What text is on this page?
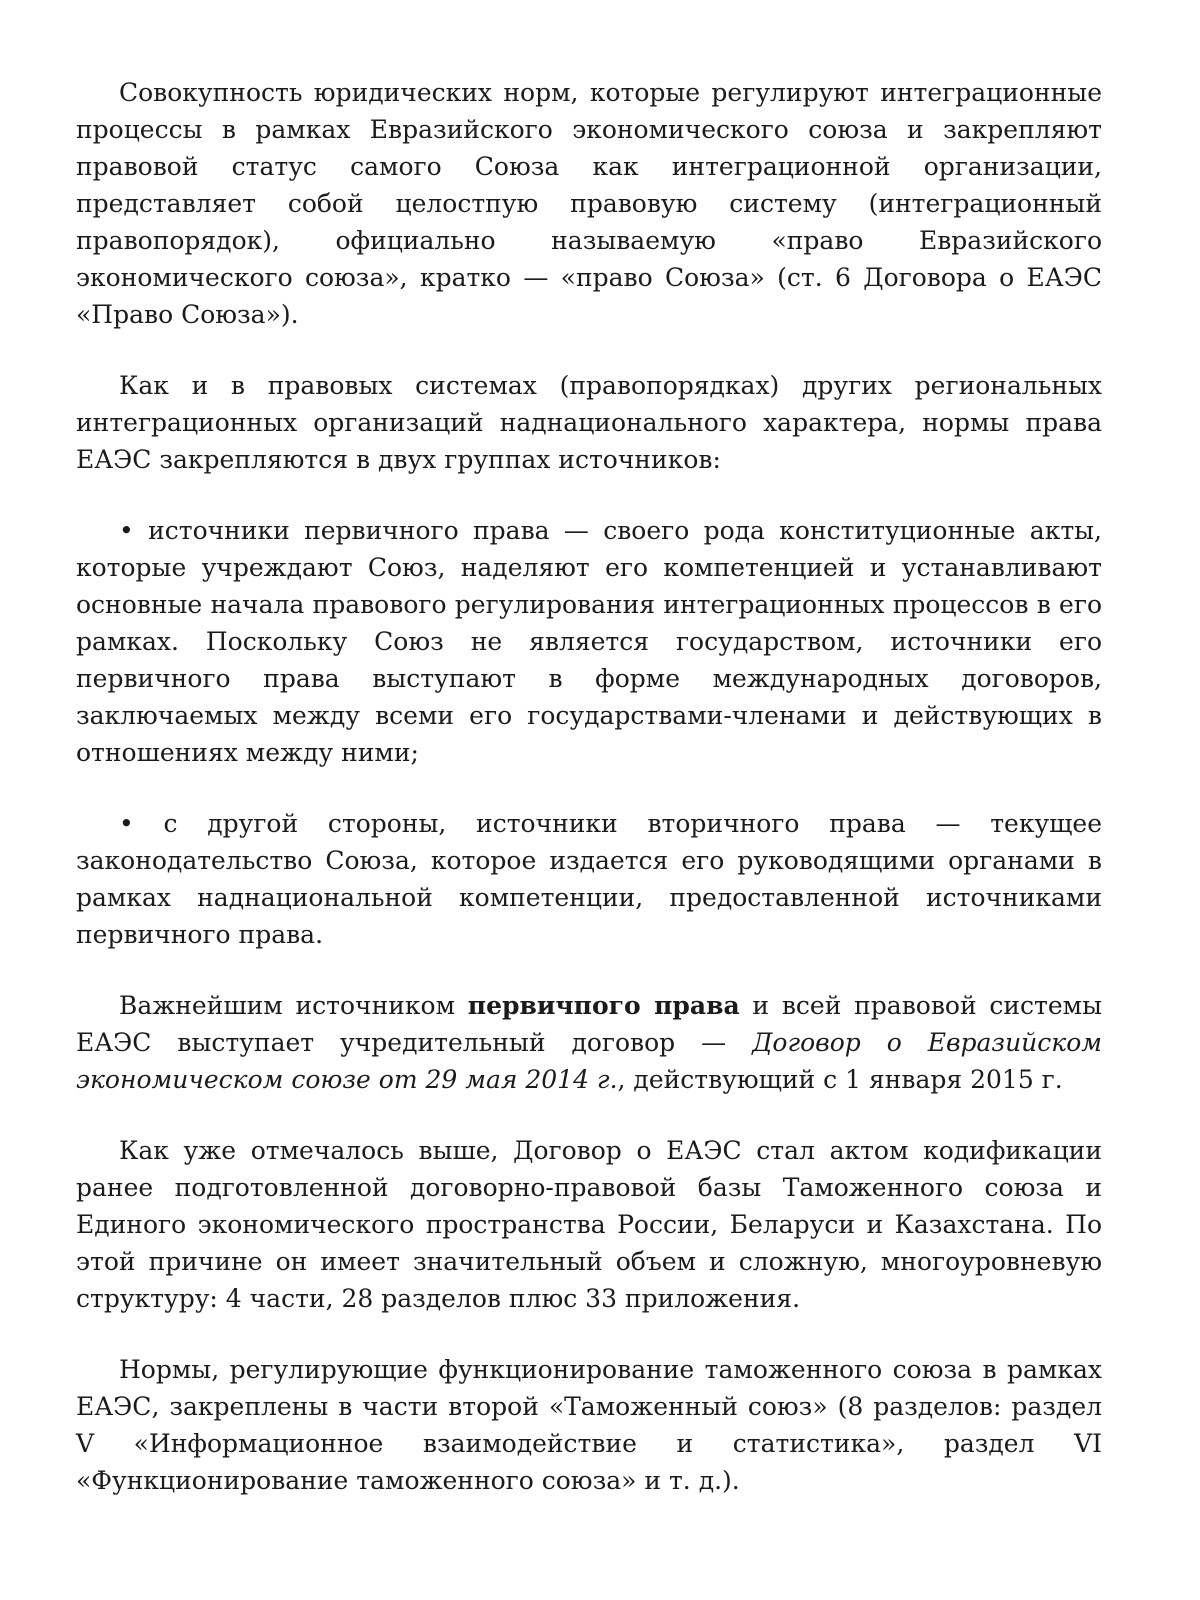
Совокупность юридических норм, которые регулируют интеграционные процессы в рамках Евразийского экономического союза и закрепляют правовой статус самого Союза как интеграционной организации, представляет собой целостпую правовую систему (интеграционный правопорядок), официально называемую «право Евразийского экономического союза», кратко — «право Союза» (ст. 6 Договора о ЕАЭС «Право Союза»).

Как и в правовых системах (правопорядках) других региональных интеграционных организаций наднационального характера, нормы права ЕАЭС закрепляются в двух группах источников:

• источники первичного права — своего рода конституционные акты, которые учреждают Союз, наделяют его компетенцией и устанавливают основные начала правового регулирования интеграционных процессов в его рамках. Поскольку Союз не является государством, источники его первичного права выступают в форме международных договоров, заключаемых между всеми его государствами-членами и действующих в отношениях между ними;

• с другой стороны, источники вторичного права — текущее законодательство Союза, которое издается его руководящими органами в рамках наднациональной компетенции, предоставленной источниками первичного права.

Важнейшим источником первичпого права и всей правовой системы ЕАЭС выступает учредительный договор — Договор о Евразийском экономическом союзе от 29 мая 2014 г., действующий с 1 января 2015 г.

Как уже отмечалось выше, Договор о ЕАЭС стал актом кодификации ранее подготовленной договорно-правовой базы Таможенного союза и Единого экономического пространства России, Беларуси и Казахстана. По этой причине он имеет значительный объем и сложную, многоуровневую структуру: 4 части, 28 разделов плюс 33 приложения.

Нормы, регулирующие функционирование таможенного союза в рамках ЕАЭС, закреплены в части второй «Таможенный союз» (8 разделов: раздел V «Информационное взаимодействие и статистика», раздел VI «Функционирование таможенного союза» и т. д.).
